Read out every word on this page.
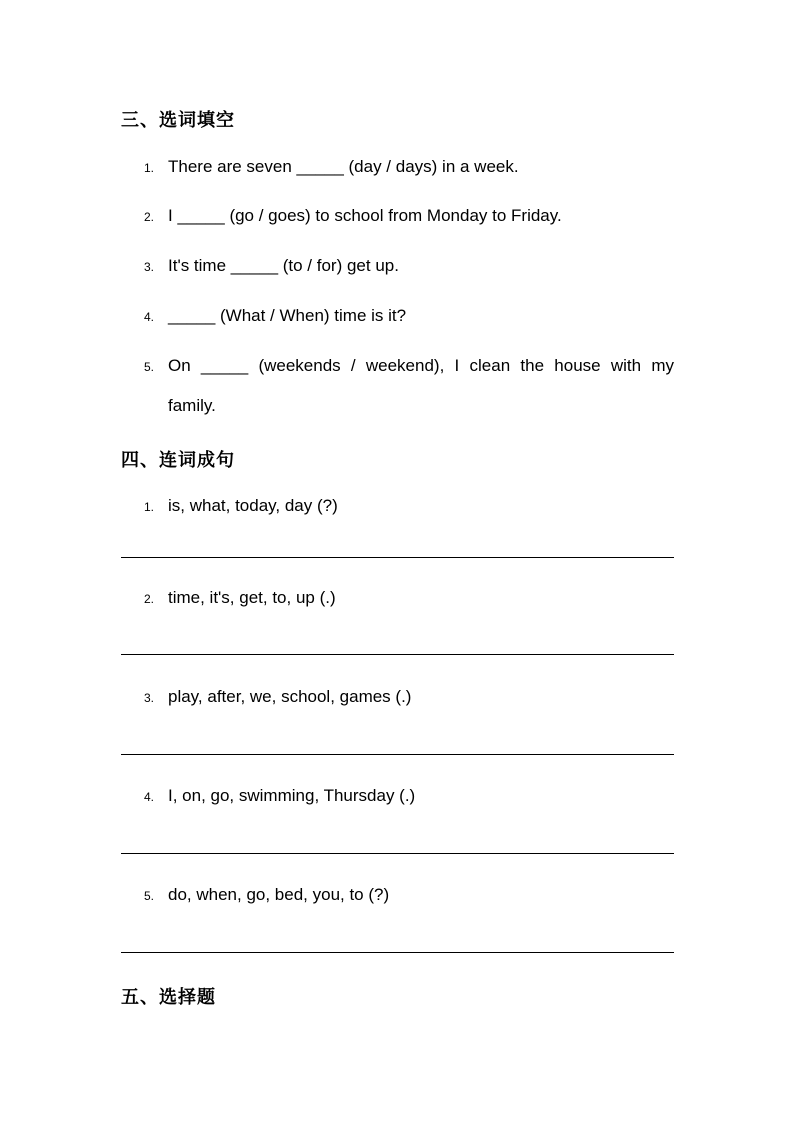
三、选词填空
1. There are seven _____ (day / days) in a week.
2. I _____ (go / goes) to school from Monday to Friday.
3. It's time _____ (to / for) get up.
4. _____ (What / When) time is it?
5. On _____ (weekends / weekend), I clean the house with my
family.
四、连词成句
1. is, what, today, day (?)
2. time, it's, get, to, up (.)
3. play, after, we, school, games (.)
4. I, on, go, swimming, Thursday (.)
5. do, when, go, bed, you, to (?)
五、选择题
